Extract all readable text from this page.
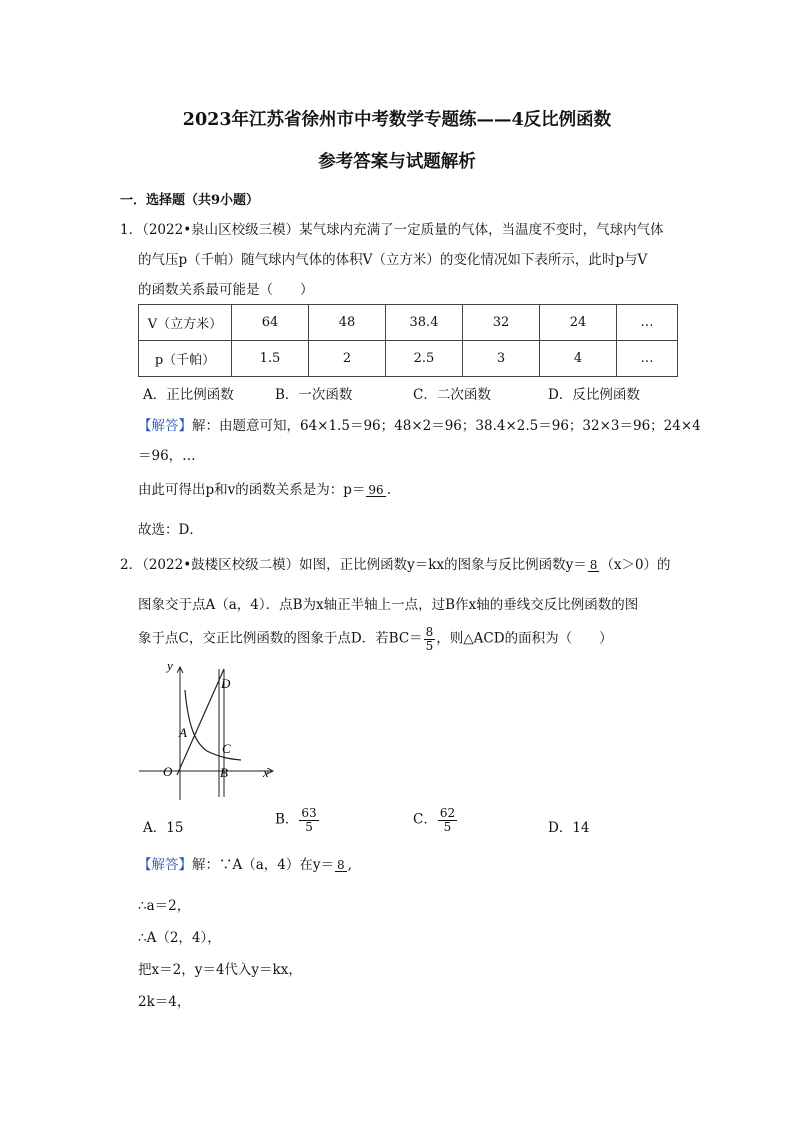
2023年江苏省徐州市中考数学专题练——4反比例函数
参考答案与试题解析
一．选择题（共9小题）
1．（2022•泉山区校级三模）某气球内充满了一定质量的气体，当温度不变时，气球内气体
的气压p（千帕）随气球内气体的体积V（立方米）的变化情况如下表所示，此时p与V
的函数关系最可能是（　　）
V（立方米）	64	48	38.4	32	24	…
p（千帕）	1.5	2	2.5	3	4	…
A．正比例函数	B．一次函数	C．二次函数	D．反比例函数
【解答】解：由题意可知，64×1.5＝96；48×2＝96；38.4×2.5＝96；32×3＝96；24×4
＝96，…
由此可得出p和v的函数关系是为：p＝ 96 .
故选：D．
2．（2022•鼓楼区校级二模）如图，正比例函数y＝kx的图象与反比例函数y＝ 8 （x＞0）的
图象交于点A（a，4）．点B为x轴正半轴上一点，过B作x轴的垂线交反比例函数的图
象于点C，交正比例函数的图象于点D．若$BC= \frac{8}{5}$ ，则△ACD的面积为（　　）
y
x
O
A
B
C
D
A．15
B． $\frac{63}{5}$	C． $\frac{62}{5}$	D．14
【解答】解：∵A（a，4）在y＝ 8 ,
∴a＝2，
∴A（2，4），
把x＝2，y＝4代入y＝kx，
2k＝4，
